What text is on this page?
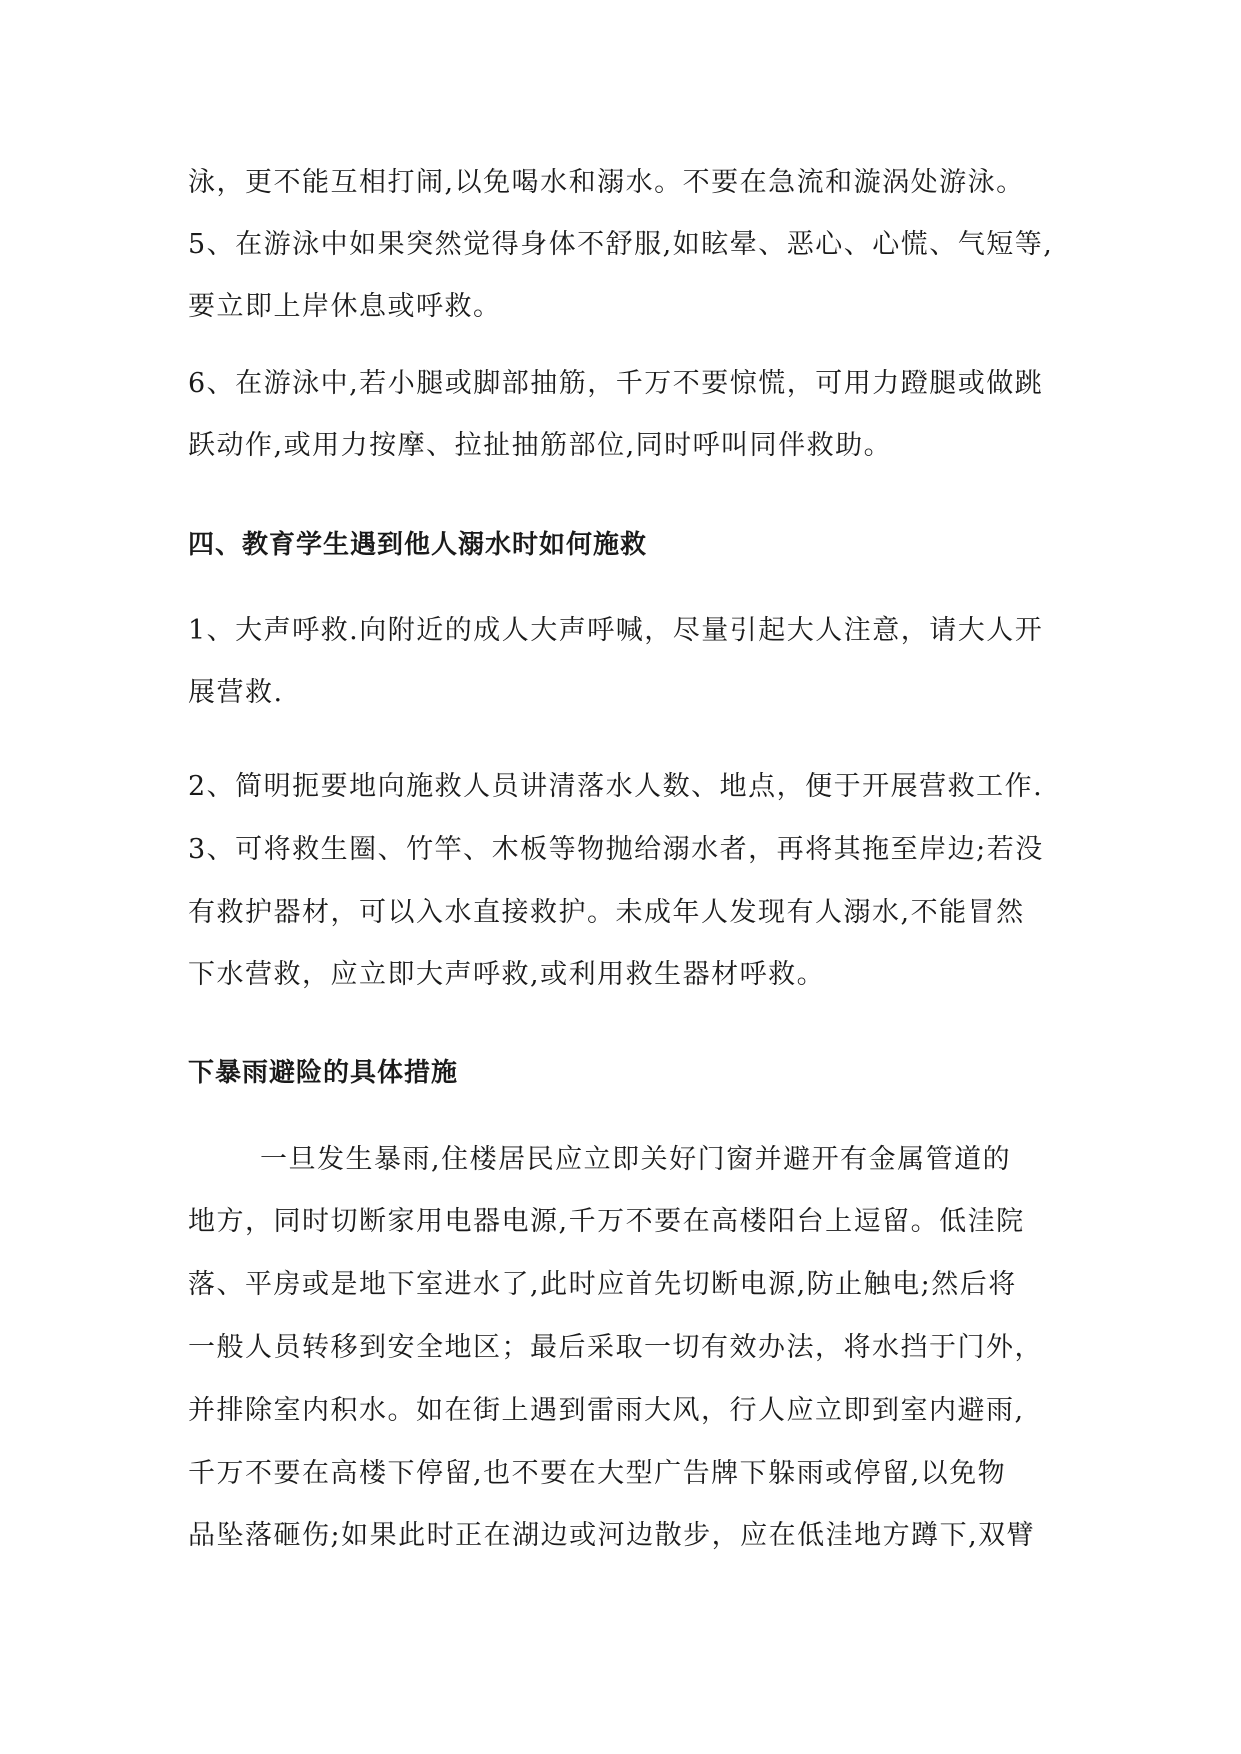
泳，更不能互相打闹,以免喝水和溺水。不要在急流和漩涡处游泳。
5、在游泳中如果突然觉得身体不舒服,如眩晕、恶心、心慌、气短等,
要立即上岸休息或呼救。
6、在游泳中,若小腿或脚部抽筋，千万不要惊慌，可用力蹬腿或做跳
跃动作,或用力按摩、拉扯抽筋部位,同时呼叫同伴救助。
四、教育学生遇到他人溺水时如何施救
1、大声呼救.向附近的成人大声呼喊，尽量引起大人注意，请大人开
展营救.
2、简明扼要地向施救人员讲清落水人数、地点，便于开展营救工作.
3、可将救生圈、竹竿、木板等物抛给溺水者，再将其拖至岸边;若没
有救护器材，可以入水直接救护。未成年人发现有人溺水,不能冒然
下水营救，应立即大声呼救,或利用救生器材呼救。
下暴雨避险的具体措施
一旦发生暴雨,住楼居民应立即关好门窗并避开有金属管道的
地方，同时切断家用电器电源,千万不要在高楼阳台上逗留。低洼院
落、平房或是地下室进水了,此时应首先切断电源,防止触电;然后将
一般人员转移到安全地区；最后采取一切有效办法，将水挡于门外，
并排除室内积水。如在街上遇到雷雨大风，行人应立即到室内避雨,
千万不要在高楼下停留,也不要在大型广告牌下躲雨或停留,以免物
品坠落砸伤;如果此时正在湖边或河边散步，应在低洼地方蹲下,双臂
